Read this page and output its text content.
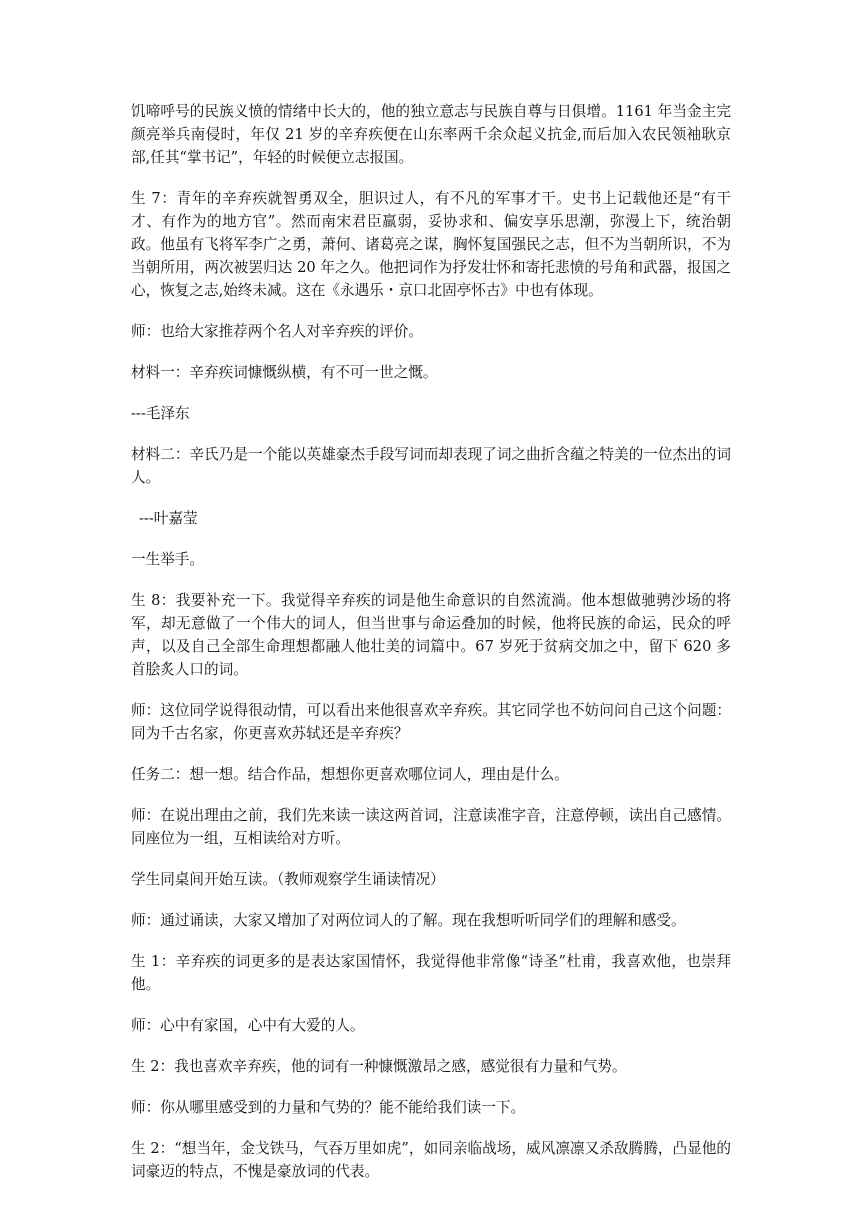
饥啼呼号的民族义愤的情绪中长大的，他的独立意志与民族自尊与日俱增。1161 年当金主完颜亮举兵南侵时，年仅 21 岁的辛弃疾便在山东率两千余众起义抗金,而后加入农民领袖耿京部,任其“掌书记”，年轻的时候便立志报国。

生 7：青年的辛弃疾就智勇双全，胆识过人，有不凡的军事才干。史书上记载他还是“有干才、有作为的地方官”。然而南宋君臣羸弱，妥协求和、偏安享乐思潮，弥漫上下，统治朝政。他虽有飞将军李广之勇，萧何、诸葛亮之谋，胸怀复国强民之志，但不为当朝所识，不为当朝所用，两次被罢归达 20 年之久。他把词作为抒发壮怀和寄托悲愤的号角和武器，报国之心，恢复之志,始终未减。这在《永遇乐・京口北固亭怀古》中也有体现。

师：也给大家推荐两个名人对辛弃疾的评价。

材料一：辛弃疾词慷慨纵横，有不可一世之慨。

---毛泽东

材料二：辛氏乃是一个能以英雄豪杰手段写词而却表现了词之曲折含蕴之特美的一位杰出的词人。

---叶嘉莹

一生举手。

生 8：我要补充一下。我觉得辛弃疾的词是他生命意识的自然流淌。他本想做驰骋沙场的将军，却无意做了一个伟大的词人，但当世事与命运叠加的时候，他将民族的命运，民众的呼声，以及自己全部生命理想都融人他壮美的词篇中。67 岁死于贫病交加之中，留下 620 多首脍炙人口的词。

师：这位同学说得很动情，可以看出来他很喜欢辛弃疾。其它同学也不妨问问自己这个问题：同为千古名家，你更喜欢苏轼还是辛弃疾？

任务二：想一想。结合作品，想想你更喜欢哪位词人，理由是什么。

师：在说出理由之前，我们先来读一读这两首词，注意读准字音，注意停顿，读出自己感情。同座位为一组，互相读给对方听。

学生同桌间开始互读。（教师观察学生诵读情况）

师：通过诵读，大家又增加了对两位词人的了解。现在我想听听同学们的理解和感受。

生 1：辛弃疾的词更多的是表达家国情怀，我觉得他非常像“诗圣”杜甫，我喜欢他，也崇拜他。

师：心中有家国，心中有大爱的人。

生 2：我也喜欢辛弃疾，他的词有一种慷慨激昂之感，感觉很有力量和气势。

师：你从哪里感受到的力量和气势的？能不能给我们读一下。

生 2：“想当年，金戈铁马，气吞万里如虎”，如同亲临战场，威风凛凛又杀敌腾腾，凸显他的词豪迈的特点，不愧是豪放词的代表。
